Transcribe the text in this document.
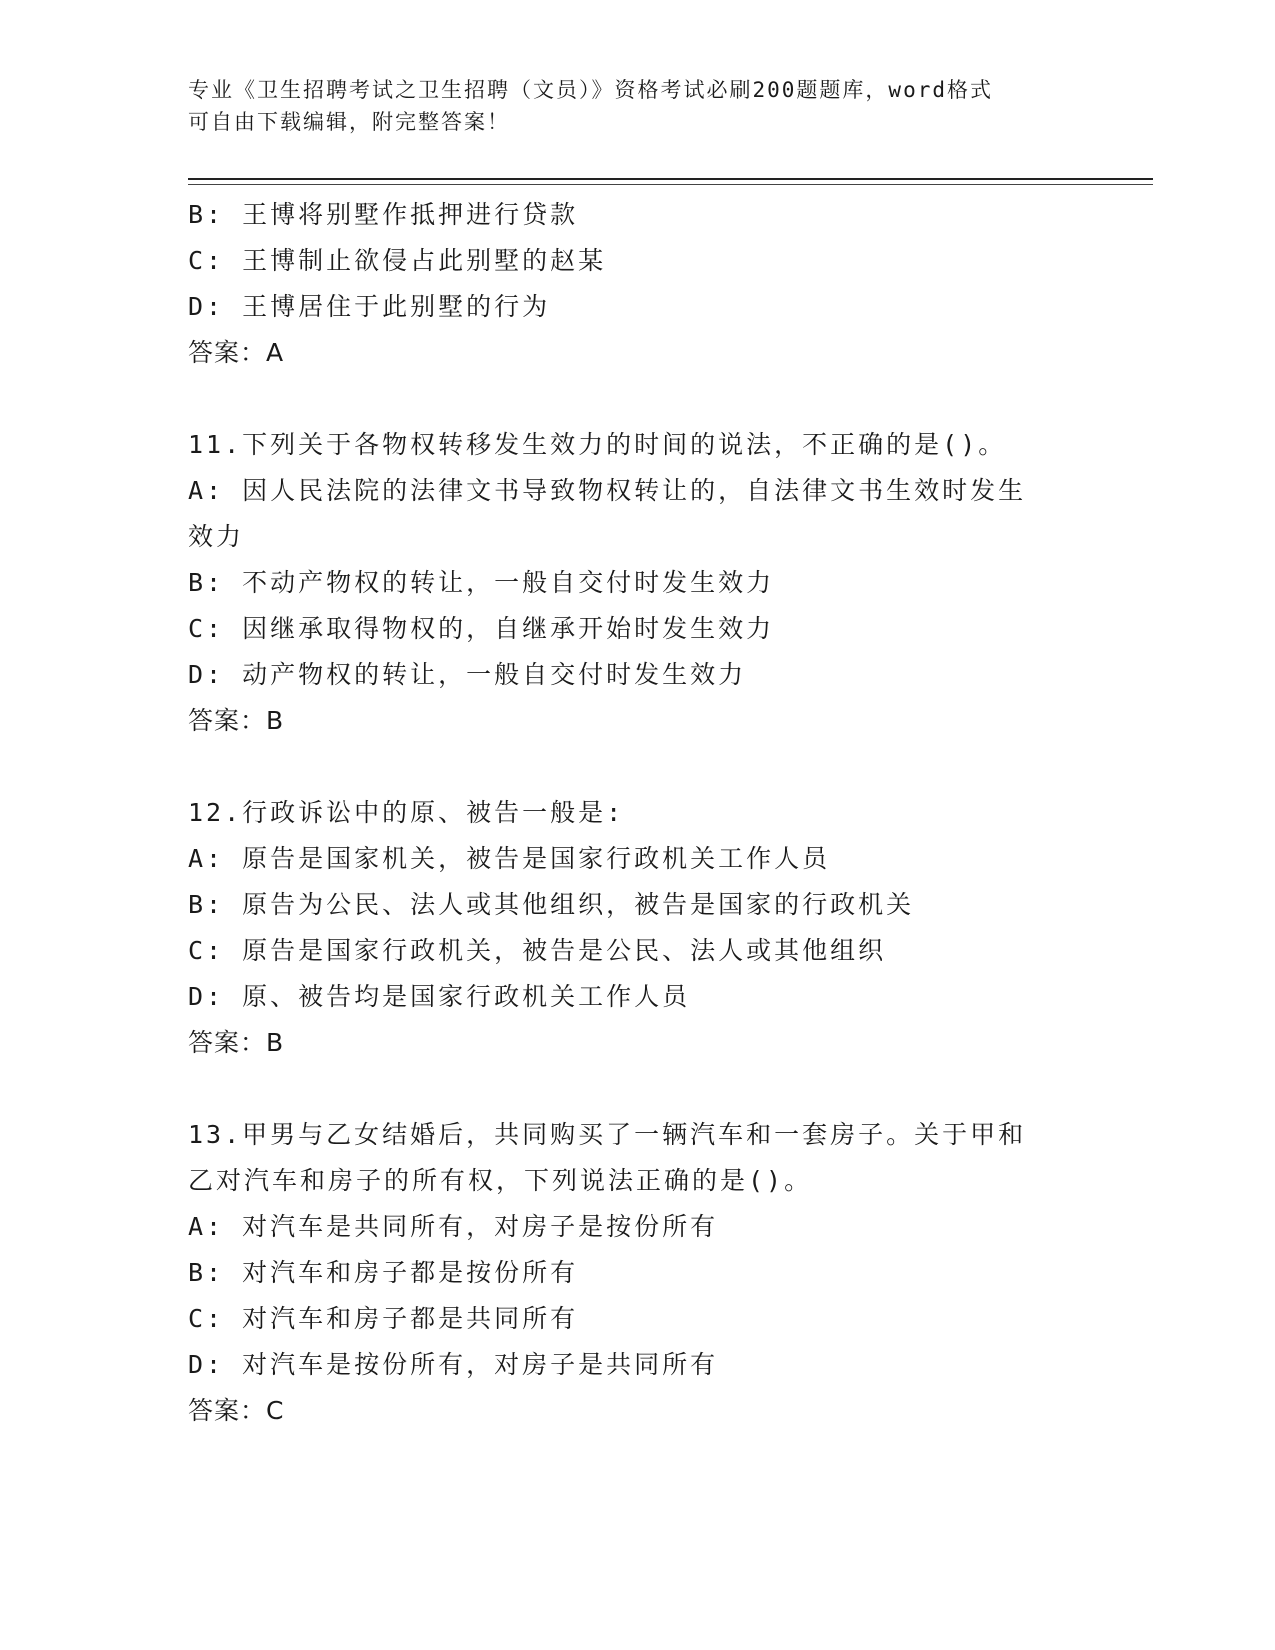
专业《卫生招聘考试之卫生招聘（文员）》资格考试必刷200题题库，word格式
可自由下载编辑，附完整答案！
B: 王博将别墅作抵押进行贷款
C: 王博制止欲侵占此别墅的赵某
D: 王博居住于此别墅的行为
答案：A
11.下列关于各物权转移发生效力的时间的说法，不正确的是()。
A: 因人民法院的法律文书导致物权转让的，自法律文书生效时发生效力
B: 不动产物权的转让，一般自交付时发生效力
C: 因继承取得物权的，自继承开始时发生效力
D: 动产物权的转让，一般自交付时发生效力
答案：B
12.行政诉讼中的原、被告一般是:
A: 原告是国家机关，被告是国家行政机关工作人员
B: 原告为公民、法人或其他组织，被告是国家的行政机关
C: 原告是国家行政机关，被告是公民、法人或其他组织
D: 原、被告均是国家行政机关工作人员
答案：B
13.甲男与乙女结婚后，共同购买了一辆汽车和一套房子。关于甲和乙对汽车和房子的所有权，下列说法正确的是()。
A: 对汽车是共同所有，对房子是按份所有
B: 对汽车和房子都是按份所有
C: 对汽车和房子都是共同所有
D: 对汽车是按份所有，对房子是共同所有
答案：C
